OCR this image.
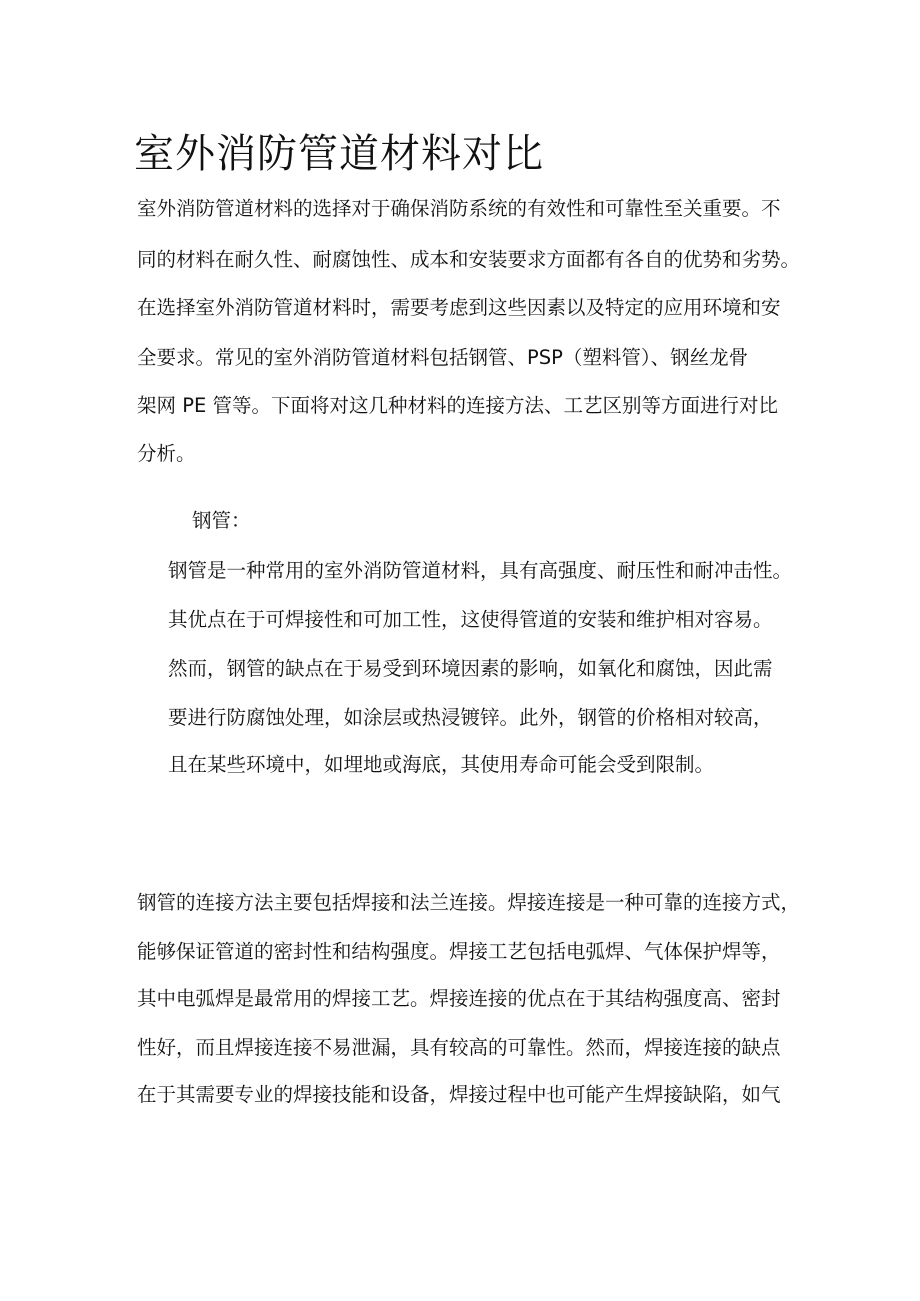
室外消防管道材料对比

室外消防管道材料的选择对于确保消防系统的有效性和可靠性至关重要。不

同的材料在耐久性、耐腐蚀性、成本和安装要求方面都有各自的优势和劣势。

在选择室外消防管道材料时，需要考虑到这些因素以及特定的应用环境和安

全要求。常见的室外消防管道材料包括钢管、PSP（塑料管）、钢丝龙骨

架网 PE 管等。下面将对这几种材料的连接方法、工艺区别等方面进行对比

分析。

钢管：

钢管是一种常用的室外消防管道材料，具有高强度、耐压性和耐冲击性。

其优点在于可焊接性和可加工性，这使得管道的安装和维护相对容易。

然而，钢管的缺点在于易受到环境因素的影响，如氧化和腐蚀，因此需

要进行防腐蚀处理，如涂层或热浸镀锌。此外，钢管的价格相对较高，

且在某些环境中，如埋地或海底，其使用寿命可能会受到限制。

钢管的连接方法主要包括焊接和法兰连接。焊接连接是一种可靠的连接方式，

能够保证管道的密封性和结构强度。焊接工艺包括电弧焊、气体保护焊等，

其中电弧焊是最常用的焊接工艺。焊接连接的优点在于其结构强度高、密封

性好，而且焊接连接不易泄漏，具有较高的可靠性。然而，焊接连接的缺点

在于其需要专业的焊接技能和设备，焊接过程中也可能产生焊接缺陷，如气
